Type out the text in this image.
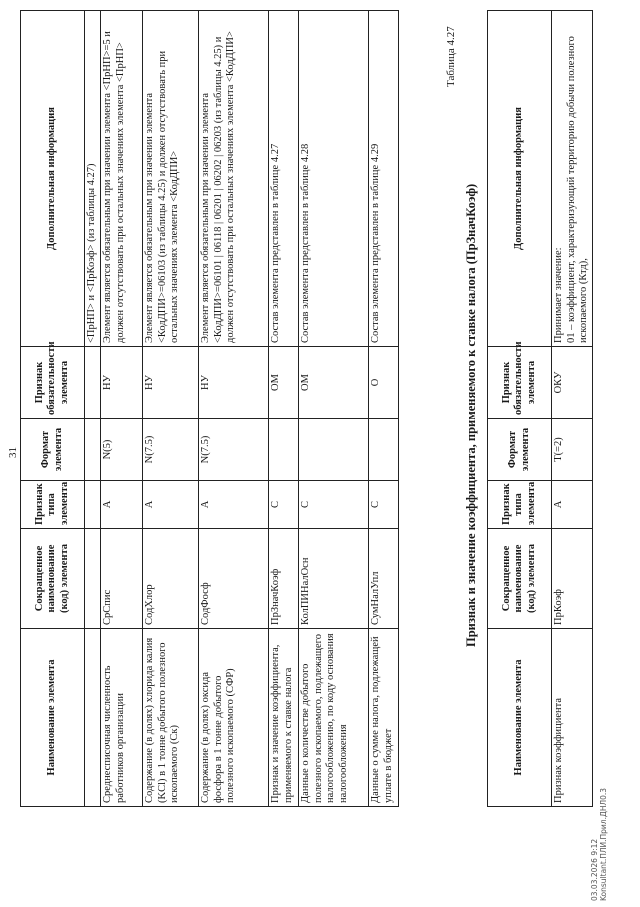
31
Наименование элемента	Сокращенное наименование (код) элемента	Признак типа элемента	Формат элемента	Признак обязательности элемента	Дополнительная информация
					<ПрНП> и <ПрКоэф> (из таблицы 4.27)
Среднесписочная численность работников организации	СрСпис	А	N(5)	НУ	Элемент является обязательным при значении элемента <ПрНП>=5 и должен отсутствовать при остальных значениях элемента <ПрНП>
Содержание (в долях) хлорида калия (KCl) в 1 тонне добытого полезного ископаемого (Ск)	СодХлор	А	N(7.5)	НУ	Элемент является обязательным при значении элемента <КодДПИ>=06103 (из таблицы 4.25) и должен отсутствовать при остальных значениях элемента <КодДПИ>
Содержание (в долях) оксида фосфора в 1 тонне добытого полезного ископаемого (СФР)	СодФосф	А	N(7.5)	НУ	Элемент является обязательным при значении элемента <КодДПИ>=06101 | 06118 | 06201 | 06202 | 06203 (из таблицы 4.25) и должен отсутствовать при остальных значениях элемента <КодДПИ>
Признак и значение коэффициента, применяемого к ставке налога	ПрЗначКоэф	С		ОМ	Состав элемента представлен в таблице 4.27
Данные о количестве добытого полезного ископаемого, подлежащего налогообложению, по коду основания налогообложения	КолПИНалОсн	С		ОМ	Состав элемента представлен в таблице 4.28
Данные о сумме налога, подлежащей уплате в бюджет	СумНалУпл	С		О	Состав элемента представлен в таблице 4.29
Таблица 4.27
Признак и значение коэффициента, применяемого к ставке налога (ПрЗначКоэф)
Наименование элемента	Сокращенное наименование (код) элемента	Признак типа элемента	Формат элемента	Признак обязательности элемента	Дополнительная информация
Признак коэффициента	ПрКоэф	А	T(=2)	ОКУ	Принимает значение: 01 – коэффициент, характеризующий территорию добычи полезного ископаемого (Ктд),
03.03.2026 9:12 Konsultant.ПЛИ.Прил.ДНЛ0.3
